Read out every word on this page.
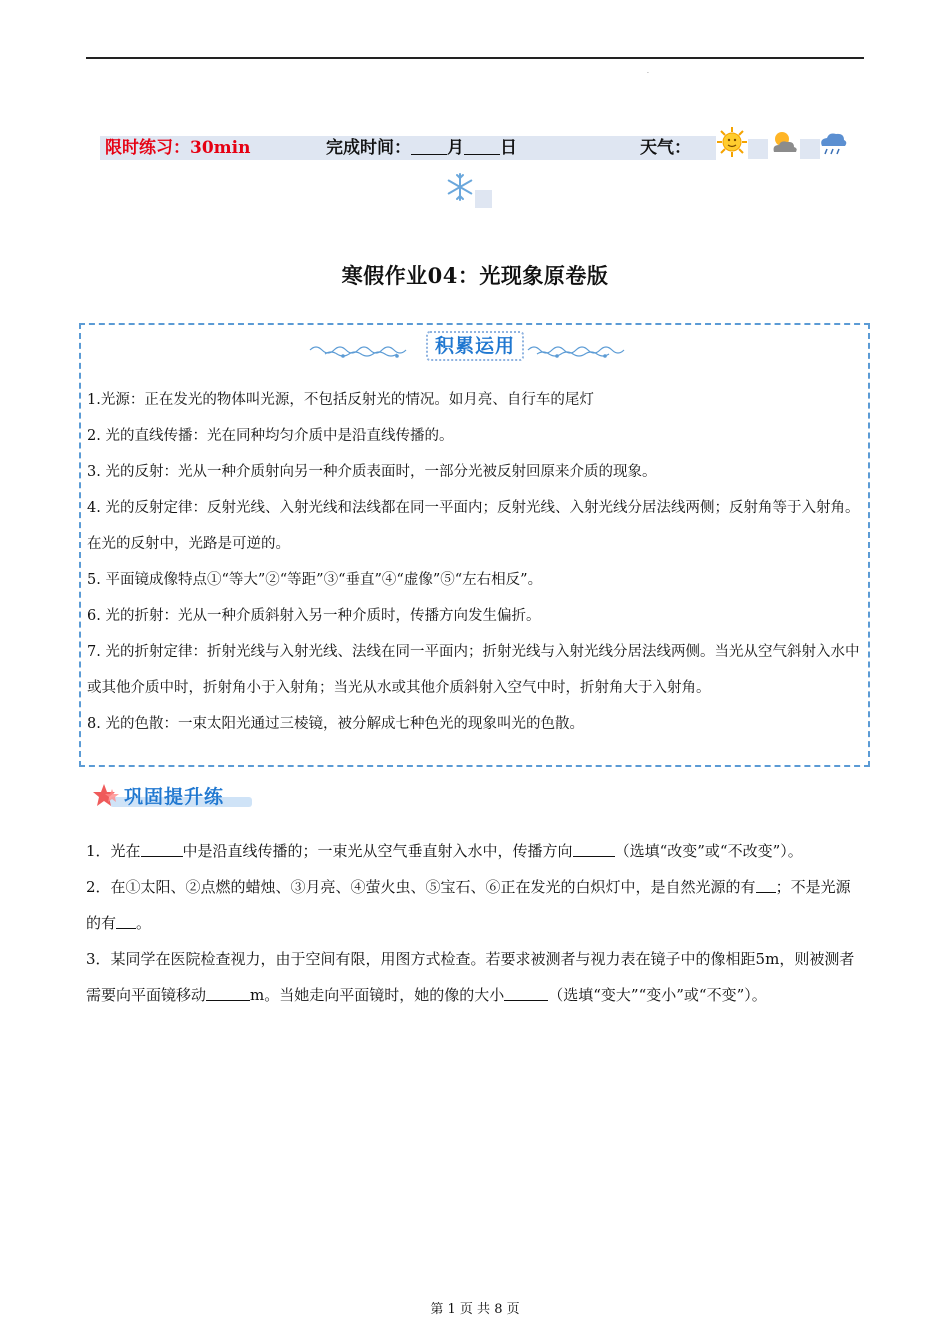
·
限时练习：30min	完成时间： 月 日	天气：
寒假作业04：光现象原卷版
积累运用

1.光源：正在发光的物体叫光源，不包括反射光的情况。如月亮、自行车的尾灯

2. 光的直线传播：光在同种均匀介质中是沿直线传播的。

3. 光的反射：光从一种介质射向另一种介质表面时，一部分光被反射回原来介质的现象。

4. 光的反射定律：反射光线、入射光线和法线都在同一平面内；反射光线、入射光线分居法线两侧；反射角等于入射角。在光的反射中，光路是可逆的。

5. 平面镜成像特点①“等大”②“等距”③“垂直”④“虚像”⑤“左右相反”。

6. 光的折射：光从一种介质斜射入另一种介质时，传播方向发生偏折。

7. 光的折射定律：折射光线与入射光线、法线在同一平面内；折射光线与入射光线分居法线两侧。当光从空气斜射入水中或其他介质中时，折射角小于入射角；当光从水或其他介质斜射入空气中时，折射角大于入射角。

8. 光的色散：一束太阳光通过三棱镜，被分解成七种色光的现象叫光的色散。

巩固提升练

1．光在	中是沿直线传播的；一束光从空气垂直射入水中，传播方向	（选填“改变”或“不改变”）。

2．在①太阳、②点燃的蜡烛、③月亮、④萤火虫、⑤宝石、⑥正在发光的白炽灯中，是自然光源的有 ；不是光源的有 。

3．某同学在医院检查视力，由于空间有限，用图方式检查。若要求被测者与视力表在镜子中的像相距5m，则被测者需要向平面镜移动	m。当她走向平面镜时，她的像的大小	（选填“变大”“变小”或“不变”）。

第 1 页 共 8 页
